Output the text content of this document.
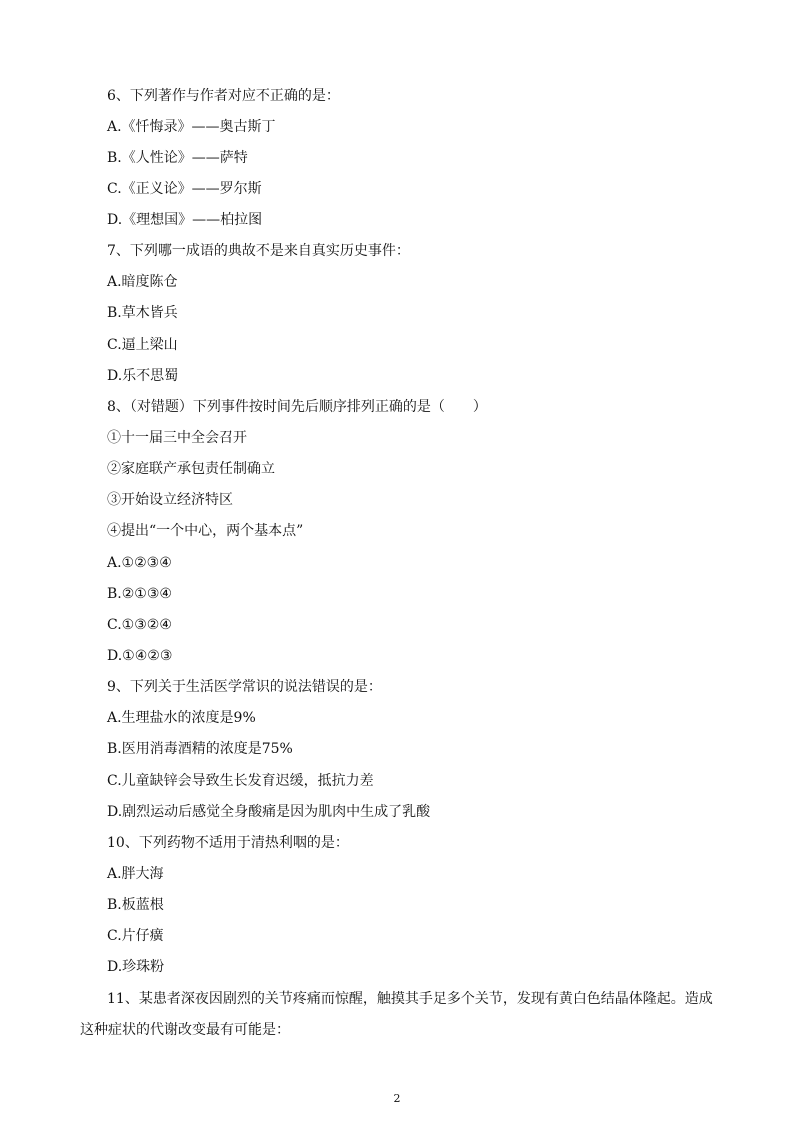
6、下列著作与作者对应不正确的是：
A.《忏悔录》——奥古斯丁
B.《人性论》——萨特
C.《正义论》——罗尔斯
D.《理想国》——柏拉图
7、下列哪一成语的典故不是来自真实历史事件：
A.暗度陈仓
B.草木皆兵
C.逼上梁山
D.乐不思蜀
8、（对错题）下列事件按时间先后顺序排列正确的是（　　）
①十一届三中全会召开
②家庭联产承包责任制确立
③开始设立经济特区
④提出“一个中心，两个基本点”
A.①②③④
B.②①③④
C.①③②④
D.①④②③
9、下列关于生活医学常识的说法错误的是：
A.生理盐水的浓度是9%
B.医用消毒酒精的浓度是75%
C.儿童缺锌会导致生长发育迟缓，抵抗力差
D.剧烈运动后感觉全身酸痛是因为肌肉中生成了乳酸
10、下列药物不适用于清热利咽的是：
A.胖大海
B.板蓝根
C.片仔癀
D.珍珠粉
11、某患者深夜因剧烈的关节疼痛而惊醒，触摸其手足多个关节，发现有黄白色结晶体隆起。造成
这种症状的代谢改变最有可能是：
2
